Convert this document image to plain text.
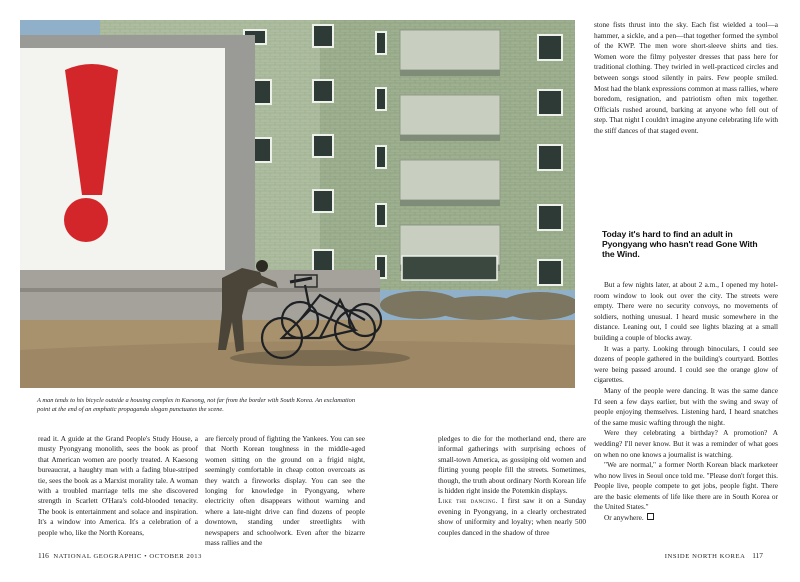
A man tends to his bicycle outside a housing complex in Kaesong, not far from the border with South Korea. An exclamation point at the end of an emphatic propaganda slogan punctuates the scene.

read it. A guide at the Grand People's Study House, a musty Pyongyang monolith, sees the book as proof that American women are poorly treated. A Kaesong bureaucrat, a haughty man with a fading blue-striped tie, sees the book as a Marxist morality tale. A woman with a troubled marriage tells me she discovered strength in Scarlett O'Hara's cold-blooded tenacity. The book is entertainment and solace and inspiration. It's a window into America. It's a celebration of a people who, like the North Koreans,

are fiercely proud of fighting the Yankees. You can see that North Korean toughness in the middle-aged women sitting on the ground on a frigid night, seemingly comfortable in cheap cotton overcoats as they watch a fireworks display. You can see the longing for knowledge in Pyongyang, where electricity often disappears without warning and where a late-night drive can find dozens of people downtown, standing under streetlights with newspapers and schoolwork. Even after the bizarre mass rallies and the

pledges to die for the motherland end, there are informal gatherings with surprising echoes of small-town America, as gossiping old women and flirting young people fill the streets. Sometimes, though, the truth about ordinary North Korean life is hidden right inside the Potemkin displays.

Like the dancing. I first saw it on a Sunday evening in Pyongyang, in a clearly orchestrated show of uniformity and loyalty; when nearly 500 couples danced in the shadow of three

stone fists thrust into the sky. Each fist wielded a tool—a hammer, a sickle, and a pen—that together formed the symbol of the KWP. The men wore short-sleeve shirts and ties. Women wore the filmy polyester dresses that pass here for traditional clothing. They twirled in well-practiced circles and between songs stood silently in pairs. Few people smiled. Most had the blank expressions common at mass rallies, where boredom, resignation, and patriotism often mix together. Officials rushed around, barking at anyone who fell out of step. That night I couldn't imagine anyone celebrating life with the stiff dances of that staged event.

Today it's hard to find an adult in Pyongyang who hasn't read Gone With the Wind.

But a few nights later, at about 2 a.m., I opened my hotel-room window to look out over the city. The streets were empty. There were no security convoys, no movements of soldiers, nothing unusual. I heard music somewhere in the distance. Leaning out, I could see lights blazing at a small building a couple of blocks away.

It was a party. Looking through binoculars, I could see dozens of people gathered in the building's courtyard. Bottles were being passed around. I could see the orange glow of cigarettes.

Many of the people were dancing. It was the same dance I'd seen a few days earlier, but with the swing and sway of people enjoying themselves. Listening hard, I heard snatches of the same music wafting through the night.

Were they celebrating a birthday? A promotion? A wedding? I'll never know. But it was a reminder of what goes on when no one knows a journalist is watching.

"We are normal," a former North Korean black marketeer who now lives in Seoul once told me. "Please don't forget this. People live, people compete to get jobs, people fight. There are the basic elements of life like there are in South Korea or the United States."

Or anywhere.

116 NATIONAL GEOGRAPHIC • OCTOBER 2013	INSIDE NORTH KOREA 117
